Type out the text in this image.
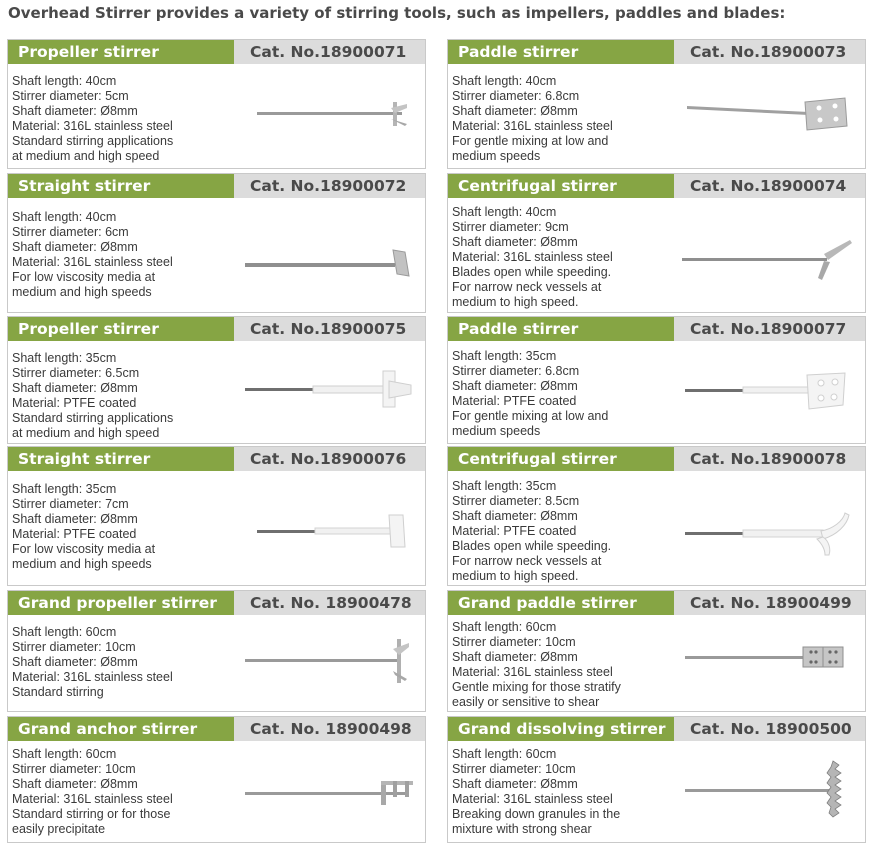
Overhead Stirrer provides a variety of stirring tools, such as impellers, paddles and blades:
Propeller stirrer	Cat. No.18900071
Shaft length: 40cm
Stirrer diameter: 5cm
Shaft diameter: Ø8mm
Material: 316L stainless steel
Standard stirring applications
at medium and high speed
Paddle stirrer	Cat. No.18900073
Shaft length: 40cm
Stirrer diameter: 6.8cm
Shaft diameter: Ø8mm
Material: 316L stainless steel
For gentle mixing at low and
medium speeds
Straight stirrer	Cat. No.18900072
Shaft length: 40cm
Stirrer diameter: 6cm
Shaft diameter: Ø8mm
Material: 316L stainless steel
For low viscosity media at
medium and high speeds
Centrifugal stirrer	Cat. No.18900074
Shaft length: 40cm
Stirrer diameter: 9cm
Shaft diameter: Ø8mm
Material: 316L stainless steel
Blades open while speeding.
For narrow neck vessels at
medium to high speed.
Propeller stirrer	Cat. No.18900075
Shaft length: 35cm
Stirrer diameter: 6.5cm
Shaft diameter: Ø8mm
Material: PTFE coated
Standard stirring applications
at medium and high speed
Paddle stirrer	Cat. No.18900077
Shaft length: 35cm
Stirrer diameter: 6.8cm
Shaft diameter: Ø8mm
Material: PTFE coated
For gentle mixing at low and
medium speeds
Straight stirrer	Cat. No.18900076
Shaft length: 35cm
Stirrer diameter: 7cm
Shaft diameter: Ø8mm
Material: PTFE coated
For low viscosity media at
medium and high speeds
Centrifugal stirrer	Cat. No.18900078
Shaft length: 35cm
Stirrer diameter: 8.5cm
Shaft diameter: Ø8mm
Material: PTFE coated
Blades open while speeding.
For narrow neck vessels at
medium to high speed.
Grand propeller stirrer	Cat. No. 18900478
Shaft length: 60cm
Stirrer diameter: 10cm
Shaft diameter: Ø8mm
Material: 316L stainless steel
Standard stirring
Grand paddle stirrer	Cat. No. 18900499
Shaft length: 60cm
Stirrer diameter: 10cm
Shaft diameter: Ø8mm
Material: 316L stainless steel
Gentle mixing for those stratify
easily or sensitive to shear
Grand anchor stirrer	Cat. No. 18900498
Shaft length: 60cm
Stirrer diameter: 10cm
Shaft diameter: Ø8mm
Material: 316L stainless steel
Standard stirring or for those
easily precipitate
Grand dissolving stirrer	Cat. No. 18900500
Shaft length: 60cm
Stirrer diameter: 10cm
Shaft diameter: Ø8mm
Material: 316L stainless steel
Breaking down granules in the
mixture with strong shear
